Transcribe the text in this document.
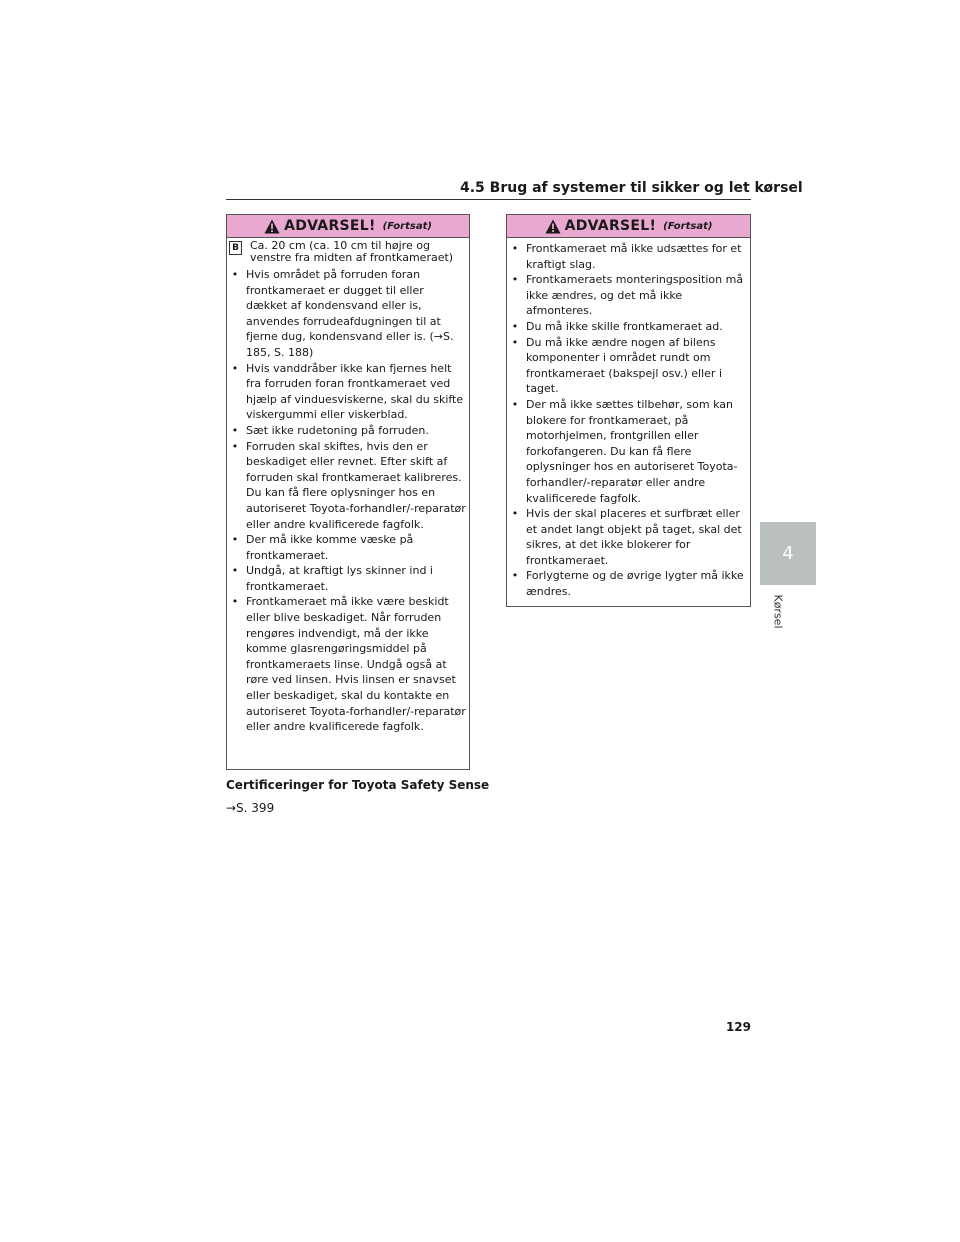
4.5 Brug af systemer til sikker og let kørsel
ADVARSEL! (Fortsat)
B Ca. 20 cm (ca. 10 cm til højre og venstre fra midten af frontkameraet)
• Hvis området på forruden foran frontkameraet er dugget til eller dækket af kondensvand eller is, anvendes forrudeafdugningen til at fjerne dug, kondensvand eller is. (→S. 185, S. 188)
• Hvis vanddråber ikke kan fjernes helt fra forruden foran frontkameraet ved hjælp af vinduesviskerne, skal du skifte viskergummi eller viskerblad.
• Sæt ikke rudetoning på forruden.
• Forruden skal skiftes, hvis den er beskadiget eller revnet. Efter skift af forruden skal frontkameraet kalibreres. Du kan få flere oplysninger hos en autoriseret Toyota-forhandler/-reparatør eller andre kvalificerede fagfolk.
• Der må ikke komme væske på frontkameraet.
• Undgå, at kraftigt lys skinner ind i frontkameraet.
• Frontkameraet må ikke være beskidt eller blive beskadiget. Når forruden rengøres indvendigt, må der ikke komme glasrengøringsmiddel på frontkameraets linse. Undgå også at røre ved linsen. Hvis linsen er snavset eller beskadiget, skal du kontakte en autoriseret Toyota-forhandler/-reparatør eller andre kvalificerede fagfolk.
ADVARSEL! (Fortsat)
• Frontkameraet må ikke udsættes for et kraftigt slag.
• Frontkameraets monteringsposition må ikke ændres, og det må ikke afmonteres.
• Du må ikke skille frontkameraet ad.
• Du må ikke ændre nogen af bilens komponenter i området rundt om frontkameraet (bakspejl osv.) eller i taget.
• Der må ikke sættes tilbehør, som kan blokere for frontkameraet, på motorhjelmen, frontgrillen eller forkofangeren. Du kan få flere oplysninger hos en autoriseret Toyota-forhandler/-reparatør eller andre kvalificerede fagfolk.
• Hvis der skal placeres et surfbræt eller et andet langt objekt på taget, skal det sikres, at det ikke blokerer for frontkameraet.
• Forlygterne og de øvrige lygter må ikke ændres.
Certificeringer for Toyota Safety Sense
→S. 399
4
Kørsel
129
